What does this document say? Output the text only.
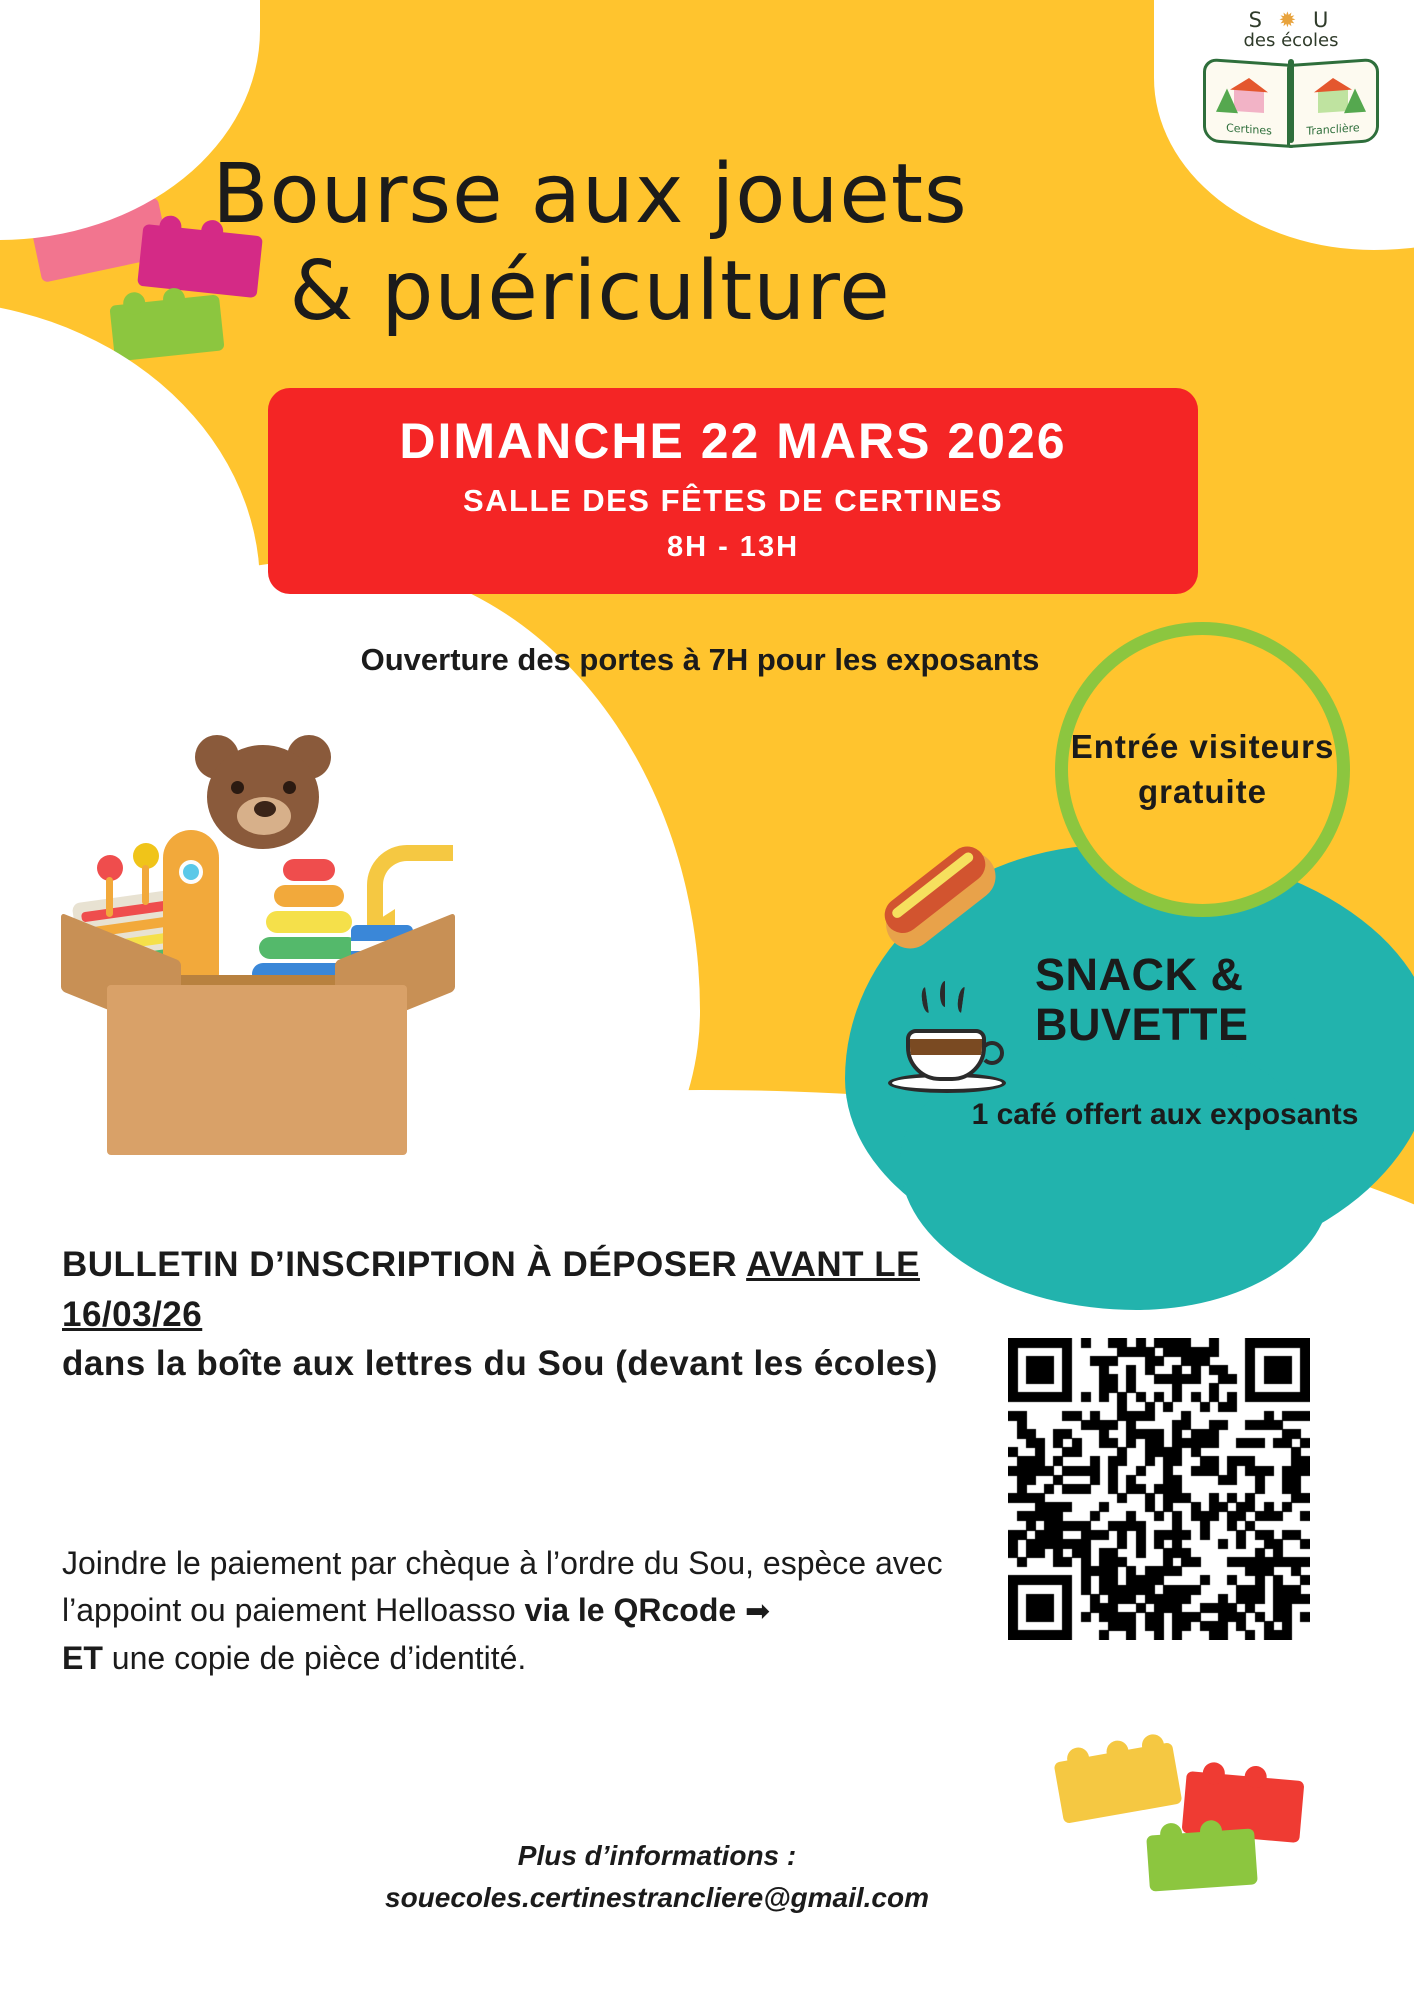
S ✹ U
des écoles
Certines	Tranclière
Bourse aux jouets
& puériculture
DIMANCHE 22 MARS 2026
SALLE DES FÊTES DE CERTINES
8H - 13H
Ouverture des portes à 7H pour les exposants
Entrée visiteurs gratuite
SNACK & BUVETTE
1 café offert aux exposants
BULLETIN D’INSCRIPTION À DÉPOSER AVANT LE 16/03/26
dans la boîte aux lettres du Sou (devant les écoles)
Joindre le paiement par chèque à l’ordre du Sou, espèce avec l’appoint ou paiement Helloasso via le QRcode ➡
ET une copie de pièce d’identité.
Plus d’informations :
souecoles.certinestrancliere@gmail.com
